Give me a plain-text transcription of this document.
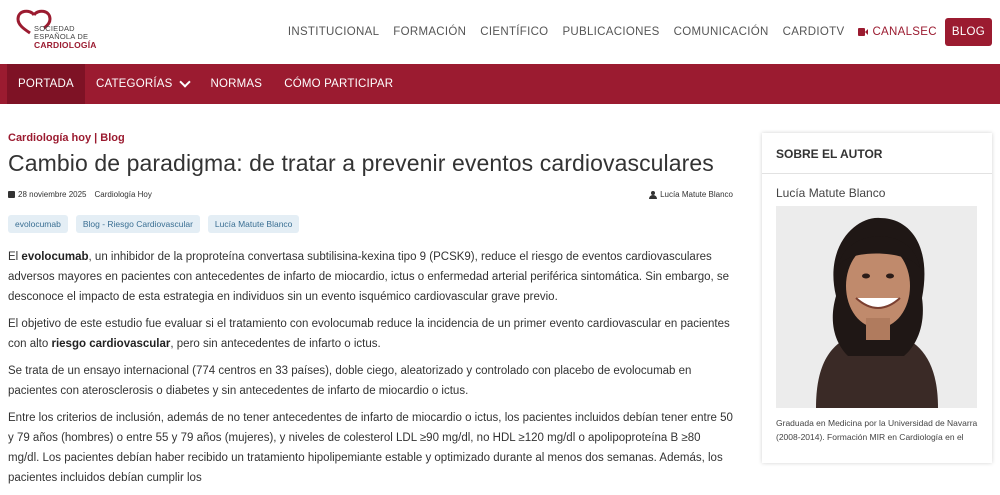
SOCIEDAD
ESPAÑOLA DE
CARDIOLOGÍA
INSTITUCIONAL FORMACIÓN CIENTÍFICO PUBLICACIONES COMUNICACIÓN CARDIOTV CANALSEC	BLOG
PORTADA	CATEGORÍAS	NORMAS	CÓMO PARTICIPAR
Cardiología hoy | Blog
Cambio de paradigma: de tratar a prevenir eventos cardiovasculares
28 noviembre 2025 Cardiología Hoy	Lucía Matute Blanco
evolocumab	Blog - Riesgo Cardiovascular	Lucía Matute Blanco

El evolocumab, un inhibidor de la proproteína convertasa subtilisina-kexina tipo 9 (PCSK9), reduce el riesgo de eventos cardiovasculares adversos mayores en pacientes con antecedentes de infarto de miocardio, ictus o enfermedad arterial periférica sintomática. Sin embargo, se desconoce el impacto de esta estrategia en individuos sin un evento isquémico cardiovascular grave previo.

El objetivo de este estudio fue evaluar si el tratamiento con evolocumab reduce la incidencia de un primer evento cardiovascular en pacientes con alto riesgo cardiovascular, pero sin antecedentes de infarto o ictus.

Se trata de un ensayo internacional (774 centros en 33 países), doble ciego, aleatorizado y controlado con placebo de evolocumab en pacientes con aterosclerosis o diabetes y sin antecedentes de infarto de miocardio o ictus.

Entre los criterios de inclusión, además de no tener antecedentes de infarto de miocardio o ictus, los pacientes incluidos debían tener entre 50 y 79 años (hombres) o entre 55 y 79 años (mujeres), y niveles de colesterol LDL ≥90 mg/dl, no HDL ≥120 mg/dl o apolipoproteína B ≥80 mg/dl. Los pacientes debían haber recibido un tratamiento hipolipemiante estable y optimizado durante al menos dos semanas. Además, los pacientes incluidos debían cumplir los

SOBRE EL AUTOR
Lucía Matute Blanco
Graduada en Medicina por la Universidad de Navarra (2008-2014). Formación MIR en Cardiología en el
